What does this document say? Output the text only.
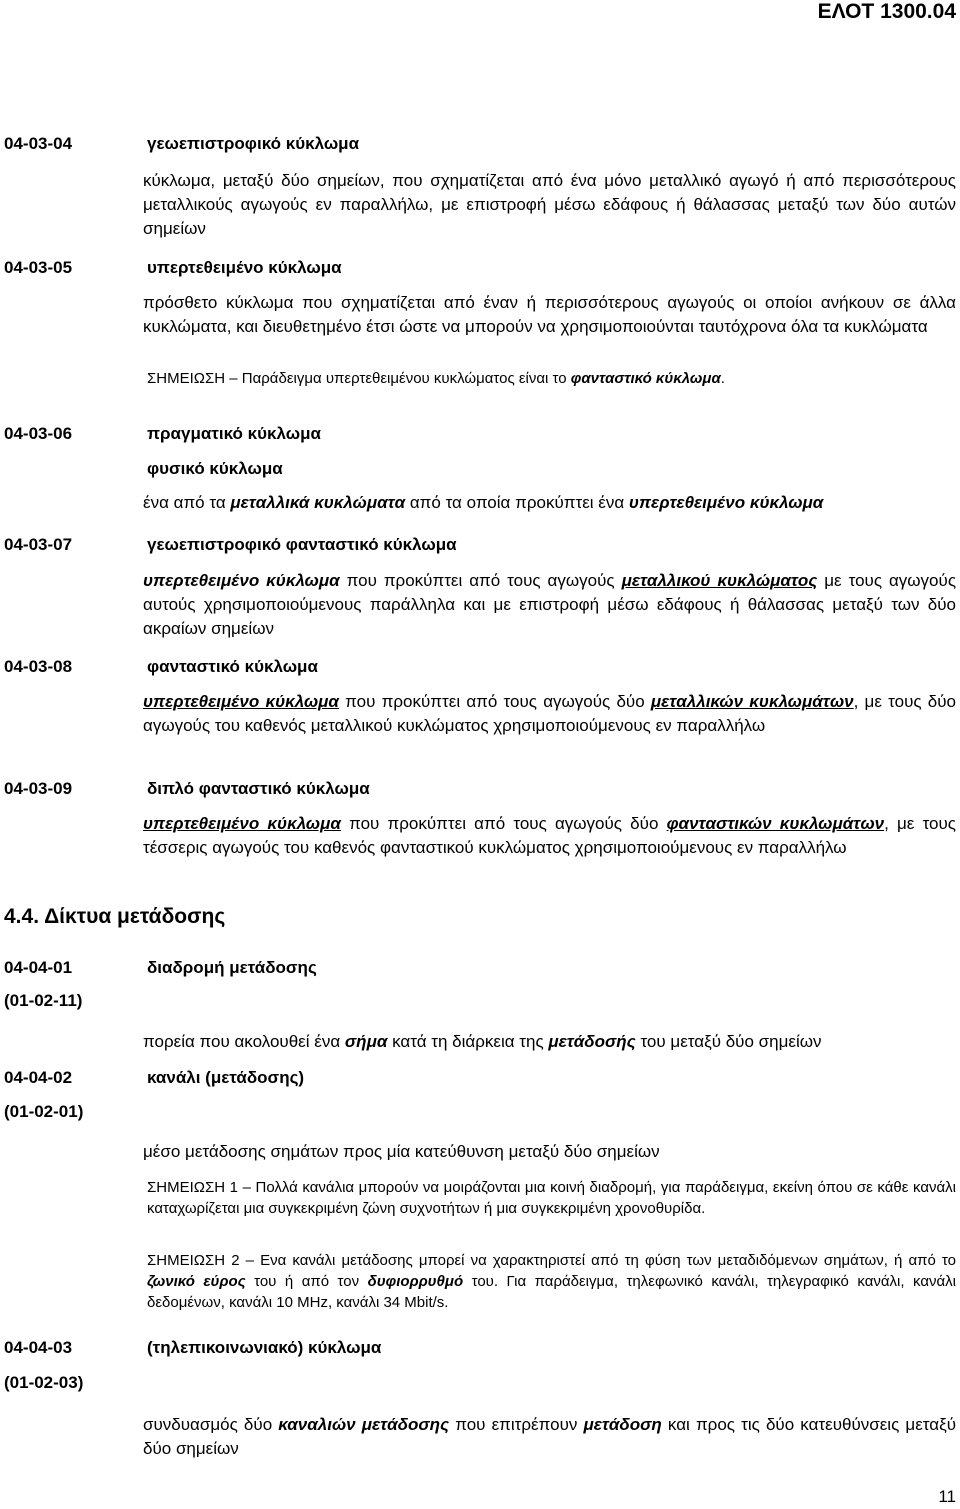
ΕΛΟΤ 1300.04
04-03-04	γεωεπιστροφικό κύκλωμα
κύκλωμα, μεταξύ δύο σημείων, που σχηματίζεται από ένα μόνο μεταλλικό αγωγό ή από περισσότερους μεταλλικούς αγωγούς εν παραλλήλω, με επιστροφή μέσω εδάφους ή θάλασσας μεταξύ των δύο αυτών σημείων
04-03-05	υπερτεθειμένο κύκλωμα
πρόσθετο κύκλωμα που σχηματίζεται από έναν ή περισσότερους αγωγούς οι οποίοι ανήκουν σε άλλα κυκλώματα, και διευθετημένο έτσι ώστε να μπορούν να χρησιμοποιούνται ταυτόχρονα όλα τα κυκλώματα
ΣΗΜΕΙΩΣΗ – Παράδειγμα υπερτεθειμένου κυκλώματος είναι το φανταστικό κύκλωμα.
04-03-06	πραγματικό κύκλωμα
φυσικό κύκλωμα
ένα από τα μεταλλικά κυκλώματα από τα οποία προκύπτει ένα υπερτεθειμένο κύκλωμα
04-03-07	γεωεπιστροφικό φανταστικό κύκλωμα
υπερτεθειμένο κύκλωμα που προκύπτει από τους αγωγούς μεταλλικού κυκλώματος με τους αγωγούς αυτούς χρησιμοποιούμενους παράλληλα και με επιστροφή μέσω εδάφους ή θάλασσας μεταξύ των δύο ακραίων σημείων
04-03-08	φανταστικό κύκλωμα
υπερτεθειμένο κύκλωμα που προκύπτει από τους αγωγούς δύο μεταλλικών κυκλωμάτων, με τους δύο αγωγούς του καθενός μεταλλικού κυκλώματος χρησιμοποιούμενους εν παραλλήλω
04-03-09	διπλό φανταστικό κύκλωμα
υπερτεθειμένο κύκλωμα που προκύπτει από τους αγωγούς δύο φανταστικών κυκλωμάτων, με τους τέσσερις αγωγούς του καθενός φανταστικού κυκλώματος χρησιμοποιούμενους εν παραλλήλω
4.4. Δίκτυα μετάδοσης
04-04-01	διαδρομή μετάδοσης
(01-02-11)
πορεία που ακολουθεί ένα σήμα κατά τη διάρκεια της μετάδοσής του μεταξύ δύο σημείων
04-04-02	κανάλι (μετάδοσης)
(01-02-01)
μέσο μετάδοσης σημάτων προς μία κατεύθυνση μεταξύ δύο σημείων
ΣΗΜΕΙΩΣΗ 1 – Πολλά κανάλια μπορούν να μοιράζονται μια κοινή διαδρομή, για παράδειγμα, εκείνη όπου σε κάθε κανάλι καταχωρίζεται μια συγκεκριμένη ζώνη συχνοτήτων ή μια συγκεκριμένη χρονοθυρίδα.
ΣΗΜΕΙΩΣΗ 2 – Ενα κανάλι μετάδοσης μπορεί να χαρακτηριστεί από τη φύση των μεταδιδόμενων σημάτων, ή από το ζωνικό εύρος του ή από τον δυφιορρυθμό του. Για παράδειγμα, τηλεφωνικό κανάλι, τηλεγραφικό κανάλι, κανάλι δεδομένων, κανάλι 10 MHz, κανάλι 34 Mbit/s.
04-04-03	(τηλεπικοινωνιακό) κύκλωμα
(01-02-03)
συνδυασμός δύο καναλιών μετάδοσης που επιτρέπουν μετάδοση και προς τις δύο κατευθύνσεις μεταξύ δύο σημείων
11
